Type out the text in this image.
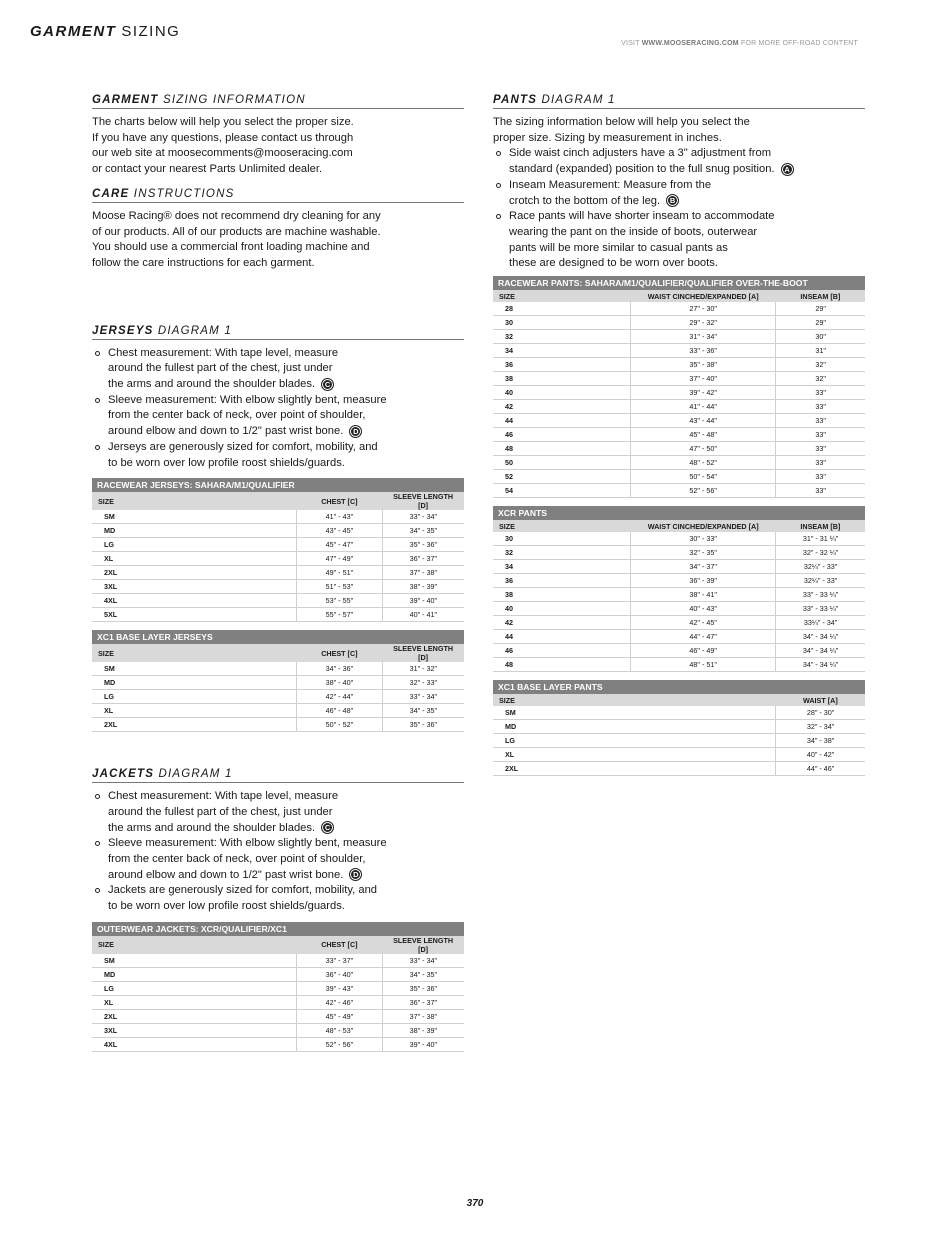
GARMENT SIZING
VISIT WWW.MOOSERACING.COM FOR MORE OFF-ROAD CONTENT
GARMENT SIZING INFORMATION
The charts below will help you select the proper size.
If you have any questions, please contact us through
our web site at moosecomments@mooseracing.com
or contact your nearest Parts Unlimited dealer.
CARE INSTRUCTIONS
Moose Racing® does not recommend dry cleaning for any
of our products. All of our products are machine washable.
You should use a commercial front loading machine and
follow the care instructions for each garment.
JERSEYS DIAGRAM 1
Chest measurement: With tape level, measure
around the fullest part of the chest, just under
the arms and around the shoulder blades. C
Sleeve measurement: With elbow slightly bent, measure
from the center back of neck, over point of shoulder,
around elbow and down to 1/2" past wrist bone. D
Jerseys are generously sized for comfort, mobility, and
to be worn over low profile roost shields/guards.
RACEWEAR JERSEYS: SAHARA/M1/QUALIFIER
SIZE	CHEST [C]	SLEEVE LENGTH [D]
SM	41" - 43"	33" - 34"
MD	43" - 45"	34" - 35"
LG	45" - 47"	35" - 36"
XL	47" - 49"	36" - 37"
2XL	49" - 51"	37" - 38"
3XL	51" - 53"	38" - 39"
4XL	53" - 55"	39" - 40"
5XL	55" - 57"	40" - 41"
XC1 BASE LAYER JERSEYS
SIZE	CHEST [C]	SLEEVE LENGTH [D]
SM	34" - 36"	31" - 32"
MD	38" - 40"	32" - 33"
LG	42" - 44"	33" - 34"
XL	46" - 48"	34" - 35"
2XL	50" - 52"	35" - 36"
JACKETS DIAGRAM 1
Chest measurement: With tape level, measure
around the fullest part of the chest, just under
the arms and around the shoulder blades. C
Sleeve measurement: With elbow slightly bent, measure
from the center back of neck, over point of shoulder,
around elbow and down to 1/2" past wrist bone. D
Jackets are generously sized for comfort, mobility, and
to be worn over low profile roost shields/guards.
OUTERWEAR JACKETS: XCR/QUALIFIER/XC1
SIZE	CHEST [C]	SLEEVE LENGTH [D]
SM	33" - 37"	33" - 34"
MD	36" - 40"	34" - 35"
LG	39" - 43"	35" - 36"
XL	42" - 46"	36" - 37"
2XL	45" - 49"	37" - 38"
3XL	48" - 53"	38" - 39"
4XL	52" - 56"	39" - 40"
PANTS DIAGRAM 1
The sizing information below will help you select the
proper size. Sizing by measurement in inches.
Side waist cinch adjusters have a 3" adjustment from
standard (expanded) position to the full snug position. A
Inseam Measurement: Measure from the
crotch to the bottom of the leg. B
Race pants will have shorter inseam to accommodate
wearing the pant on the inside of boots, outerwear
pants will be more similar to casual pants as
these are designed to be worn over boots.
RACEWEAR PANTS: SAHARA/M1/QUALIFIER/QUALIFIER OVER-THE-BOOT
SIZE	WAIST CINCHED/EXPANDED [A]	INSEAM [B]
28	27" - 30"	29"
30	29" - 32"	29"
32	31" - 34"	30"
34	33" - 36"	31"
36	35" - 38"	32"
38	37" - 40"	32"
40	39" - 42"	33"
42	41" - 44"	33"
44	43" - 44"	33"
46	45" - 48"	33"
48	47" - 50"	33"
50	48" - 52"	33"
52	50" - 54"	33"
54	52" - 56"	33"
XCR PANTS
SIZE	WAIST CINCHED/EXPANDED [A]	INSEAM [B]
30	30" - 33"	31" - 31 ¼"
32	32" - 35"	32" - 32 ¼"
34	34" - 37"	32¼" - 33"
36	36" - 39"	32¼" - 33"
38	38" - 41"	33" - 33 ¼"
40	40" - 43"	33" - 33 ¼"
42	42" - 45"	33¼" - 34"
44	44" - 47"	34" - 34 ¼"
46	46" - 49"	34" - 34 ¼"
48	48" - 51"	34" - 34 ¼"
XC1 BASE LAYER PANTS
SIZE	WAIST [A]
SM	28" - 30"
MD	32" - 34"
LG	34" - 38"
XL	40" - 42"
2XL	44" - 46"
370
